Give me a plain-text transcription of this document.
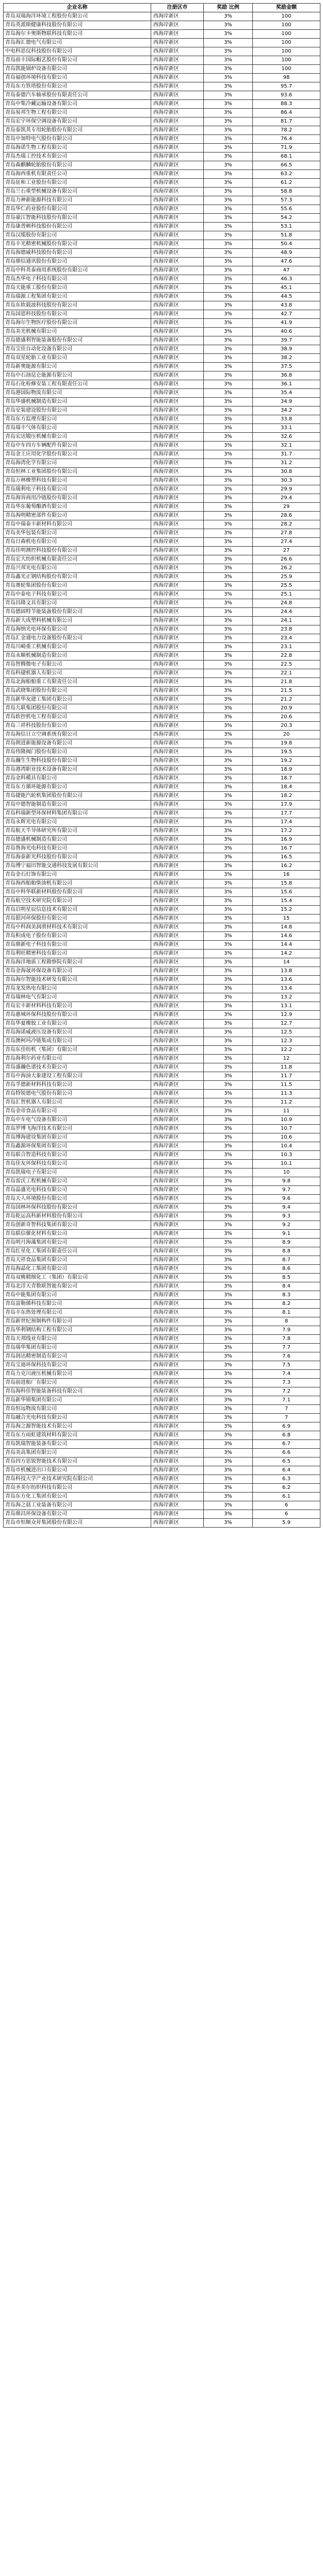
企业名称	注册区市	奖励 比例	奖励金额
青岛双瑞海洋环境工程股份有限公司	西海岸新区	3%	100
青岛英派斯健康科技股份有限公司	西海岸新区	3%	100
青岛海尔卡奥斯物联科技有限公司	西海岸新区	3%	100
青岛海汇德电气有限公司	西海岸新区	3%	100
中电科思仪科技股份有限公司	西海岸新区	3%	100
青岛前丰国际帽艺股份有限公司	西海岸新区	3%	100
青岛凯能锅炉设备有限公司	西海岸新区	3%	100
青岛福创环境科技有限公司	西海岸新区	3%	98
青岛东方铁塔股份有限公司	西海岸新区	3%	95.7
青岛泰德汽车轴承股份有限责任公司	西海岸新区	3%	93.6
青岛中集冷藏运输设备有限公司	西海岸新区	3%	88.3
青岛易邦生物工程有限公司	西海岸新区	3%	86.4
青岛宏宇环保空调设备有限公司	西海岸新区	3%	81.7
青岛泰凯英专用轮胎股份有限公司	西海岸新区	3%	78.2
青岛中加特电气股份有限公司	西海岸新区	3%	76.4
青岛海诺生物工程有限公司	西海岸新区	3%	71.9
青岛杰瑞工控技术有限公司	西海岸新区	3%	68.1
青岛森麒麟轮胎股份有限公司	西海岸新区	3%	66.5
青岛海西重机有限责任公司	西海岸新区	3%	63.2
青岛征和工业股份有限公司	西海岸新区	3%	61.2
青岛兰石重型机械设备有限公司	西海岸新区	3%	58.8
青岛力神新能源科技有限公司	西海岸新区	3%	57.3
青岛华仁药业股份有限公司	西海岸新区	3%	55.6
青岛豪江智能科技股份有限公司	西海岸新区	3%	54.2
青岛康普顿科技股份有限公司	西海岸新区	3%	53.1
青岛汉缆股份有限公司	西海岸新区	3%	51.8
青岛丰光精密机械股份有限公司	西海岸新区	3%	50.4
青岛海德威科技股份有限公司	西海岸新区	3%	48.9
青岛鼎信通讯股份有限公司	西海岸新区	3%	47.6
青岛中科英泰商用系统股份有限公司	西海岸新区	3%	47
青岛杰华电子科技有限公司	西海岸新区	3%	46.3
青岛天能重工股份有限公司	西海岸新区	3%	45.1
青岛瑞源工程集团有限公司	西海岸新区	3%	44.5
青岛东软载波科技股份有限公司	西海岸新区	3%	43.8
青岛国恩科技股份有限公司	西海岸新区	3%	42.7
青岛海尔生物医疗股份有限公司	西海岸新区	3%	41.9
青岛美光机械有限公司	西海岸新区	3%	40.6
青岛德盛利智能装备股份有限公司	西海岸新区	3%	39.7
青岛宝佳自动化设备有限公司	西海岸新区	3%	38.9
青岛双星轮胎工业有限公司	西海岸新区	3%	38.2
青岛新奥能源有限公司	西海岸新区	3%	37.5
青岛中石油昆仑能源有限公司	西海岸新区	3%	36.8
青岛石化检修安装工程有限责任公司	西海岸新区	3%	36.1
青岛港国际物流有限公司	西海岸新区	3%	35.4
青岛华盛机械制造有限公司	西海岸新区	3%	34.9
青岛安装建设股份有限公司	西海岸新区	3%	34.2
青岛东方监理有限公司	西海岸新区	3%	33.8
青岛瑞丰气体有限公司	西海岸新区	3%	33.1
青岛宏达锻压机械有限公司	西海岸新区	3%	32.6
青岛中车四方车辆配件有限公司	西海岸新区	3%	32.1
青岛金王应用化学股份有限公司	西海岸新区	3%	31.7
青岛海湾化学有限公司	西海岸新区	3%	31.2
青岛恒林工业集团股份有限公司	西海岸新区	3%	30.8
青岛万林橡塑科技有限公司	西海岸新区	3%	30.3
青岛瑞利电子科技有限公司	西海岸新区	3%	29.9
青岛海容商用冷链股份有限公司	西海岸新区	3%	29.4
青岛华东葡萄酿酒有限公司	西海岸新区	3%	29
青岛海明精密部件有限公司	西海岸新区	3%	28.6
青岛中瑞泰丰新材料有限公司	西海岸新区	3%	28.2
青岛美华包装有限公司	西海岸新区	3%	27.8
青岛日森机电有限公司	西海岸新区	3%	27.4
青岛佳明测控科技股份有限公司	西海岸新区	3%	27
青岛宏大纺织机械有限责任公司	西海岸新区	3%	26.6
青岛兴邦光电有限公司	西海岸新区	3%	26.2
青岛鑫光正钢结构股份有限公司	西海岸新区	3%	25.9
青岛赛轮集团股份有限公司	西海岸新区	3%	25.5
青岛中泰电子科技有限公司	西海岸新区	3%	25.1
青岛昌隆文具有限公司	西海岸新区	3%	24.8
青岛德固特节能装备股份有限公司	西海岸新区	3%	24.4
青岛新大成塑料机械有限公司	西海岸新区	3%	24.1
青岛海纳光电环保有限公司	西海岸新区	3%	23.8
青岛汇金通电力设备股份有限公司	西海岸新区	3%	23.4
青岛川崎重工机械有限公司	西海岸新区	3%	23.1
青岛永顺机械制造有限公司	西海岸新区	3%	22.8
青岛智腾微电子有限公司	西海岸新区	3%	22.5
青岛科捷机器人有限公司	西海岸新区	3%	22.1
青岛北海船舶重工有限责任公司	西海岸新区	3%	21.8
青岛武晓集团股份有限公司	西海岸新区	3%	21.5
青岛新华友建工集团有限公司	西海岸新区	3%	21.2
青岛九联集团股份有限公司	西海岸新区	3%	20.9
青岛软控机电工程有限公司	西海岸新区	3%	20.6
青岛三祥科技股份有限公司	西海岸新区	3%	20.3
青岛海信日立空调系统有限公司	西海岸新区	3%	20
青岛朗进新能源设备有限公司	西海岸新区	3%	19.8
青岛伟隆阀门股份有限公司	西海岸新区	3%	19.5
青岛瀚生生物科技股份有限公司	西海岸新区	3%	19.2
青岛港湾职业技术设备有限公司	西海岸新区	3%	18.9
青岛金科模具有限公司	西海岸新区	3%	18.7
青岛东方循环能源有限公司	西海岸新区	3%	18.4
青岛捷能汽轮机集团股份有限公司	西海岸新区	3%	18.2
青岛中德智能制造有限公司	西海岸新区	3%	17.9
青岛科瑞新型环保材料集团有限公司	西海岸新区	3%	17.7
青岛永辉光电有限公司	西海岸新区	3%	17.4
青岛航天半导体研究所有限公司	西海岸新区	3%	17.2
青岛德盛机械制造有限公司	西海岸新区	3%	16.9
青岛鲁海光电科技有限公司	西海岸新区	3%	16.7
青岛海泰新光科技股份有限公司	西海岸新区	3%	16.5
青岛博宁福田智能交通科技发展有限公司	西海岸新区	3%	16.2
青岛金石灯饰有限公司	西海岸新区	3%	16
青岛海西船舶柴油机有限公司	西海岸新区	3%	15.8
青岛中科华联新材料股份有限公司	西海岸新区	3%	15.6
青岛航空技术研究院有限公司	西海岸新区	3%	15.4
青岛启明星辰信息技术有限公司	西海岸新区	3%	15.2
青岛银河环保股份有限公司	西海岸新区	3%	15
青岛中科润美润滑材料技术有限公司	西海岸新区	3%	14.8
青岛积成电子股份有限公司	西海岸新区	3%	14.6
青岛鼎新电子科技有限公司	西海岸新区	3%	14.4
青岛利旺精密科技有限公司	西海岸新区	3%	14.2
青岛海洋地质工程勘察院有限公司	西海岸新区	3%	14
青岛金海晟环保设备有限公司	西海岸新区	3%	13.8
青岛海尔智能技术研发有限公司	西海岸新区	3%	13.6
青岛龙发热电有限公司	西海岸新区	3%	13.4
青岛瑞林电气有限公司	西海岸新区	3%	13.2
青岛宏丰新材料科技有限公司	西海岸新区	3%	13.1
青岛惠城环保科技股份有限公司	西海岸新区	3%	12.9
青岛华夏橡胶工业有限公司	西海岸新区	3%	12.7
青岛海诺威液压设备有限公司	西海岸新区	3%	12.5
青岛澳柯玛冷链集成有限公司	西海岸新区	3%	12.3
青岛东佳纺机（集团）有限公司	西海岸新区	3%	12.2
青岛海利尔药业有限公司	西海岸新区	3%	12
青岛盛瀚色谱技术有限公司	西海岸新区	3%	11.8
青岛中海油大象建设工程有限公司	西海岸新区	3%	11.7
青岛孚德新材料科技有限公司	西海岸新区	3%	11.5
青岛特锐德电气股份有限公司	西海岸新区	3%	11.3
青岛汇智机器人有限公司	西海岸新区	3%	11.2
青岛金帝食品有限公司	西海岸新区	3%	11
青岛中车电气设备有限公司	西海岸新区	3%	10.9
青岛罗博飞海洋技术有限公司	西海岸新区	3%	10.7
青岛博海建设集团有限公司	西海岸新区	3%	10.6
青岛鑫源环保集团有限公司	西海岸新区	3%	10.4
青岛联合智造科技有限公司	西海岸新区	3%	10.3
青岛佳友环保科技有限公司	西海岸新区	3%	10.1
青岛凯瑞电子有限公司	西海岸新区	3%	10
青岛雷沃工程机械有限公司	西海岸新区	3%	9.8
青岛晶盛光电科技有限公司	西海岸新区	3%	9.7
青岛天人环境股份有限公司	西海岸新区	3%	9.6
青岛国林环保科技股份有限公司	西海岸新区	3%	9.4
青岛乾运高科新材料股份有限公司	西海岸新区	3%	9.3
青岛创新奇智科技集团有限公司	西海岸新区	3%	9.2
青岛联信催化材料有限公司	西海岸新区	3%	9.1
青岛明月海藻集团有限公司	西海岸新区	3%	8.9
青岛红星化工集团有限责任公司	西海岸新区	3%	8.8
青岛天祥食品集团有限公司	西海岸新区	3%	8.7
青岛海晶化工集团有限公司	西海岸新区	3%	8.6
青岛双桃精细化工（集团）有限公司	西海岸新区	3%	8.5
青岛北洋天青数联智能有限公司	西海岸新区	3%	8.4
青岛中能集团有限公司	西海岸新区	3%	8.3
青岛富勒烯科技有限公司	西海岸新区	3%	8.2
青岛丰东热处理有限公司	西海岸新区	3%	8.1
青岛新世纪预制构件有限公司	西海岸新区	3%	8
青岛华利钢结构工程有限公司	西海岸新区	3%	7.9
青岛天邦线业有限公司	西海岸新区	3%	7.8
青岛瑞华集团有限公司	西海岸新区	3%	7.7
青岛润达精密制造有限公司	西海岸新区	3%	7.6
青岛宝迪环保科技有限公司	西海岸新区	3%	7.5
青岛力克川液压机械有限公司	西海岸新区	3%	7.4
青岛前进船厂有限公司	西海岸新区	3%	7.3
青岛海科佳智能装备科技有限公司	西海岸新区	3%	7.2
青岛新华锦集团有限公司	西海岸新区	3%	7.1
青岛恒远物流有限公司	西海岸新区	3%	7
青岛融合光电科技有限公司	西海岸新区	3%	7
青岛海之源智能技术有限公司	西海岸新区	3%	6.9
青岛东方雨虹建筑材料有限公司	西海岸新区	3%	6.8
青岛凯瑞智能装备有限公司	西海岸新区	3%	6.7
青岛美高集团有限公司	西海岸新区	3%	6.6
青岛四方思锐智能技术有限公司	西海岸新区	3%	6.5
青岛市机械进出口有限公司	西海岸新区	3%	6.4
青岛科技大学产业技术研究院有限公司	西海岸新区	3%	6.3
青岛圣美尔纺织科技有限公司	西海岸新区	3%	6.2
青岛东方化工集团有限公司	西海岸新区	3%	6.1
青岛海之晨工业装备有限公司	西海岸新区	3%	6
青岛鼎昌环保设备有限公司	西海岸新区	3%	6
青岛市恒顺众昇集团股份有限公司	西海岸新区	3%	5.9
